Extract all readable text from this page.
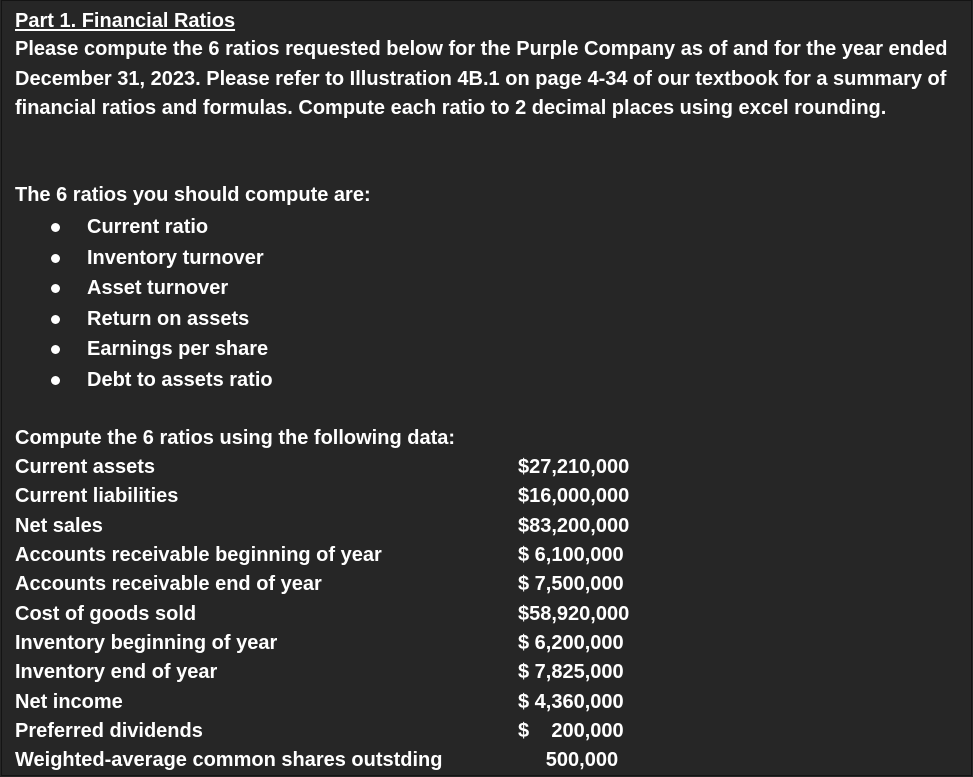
Part 1. Financial Ratios

Please compute the 6 ratios requested below for the Purple Company as of and for the year ended December 31, 2023. Please refer to Illustration 4B.1 on page 4-34 of our textbook for a summary of financial ratios and formulas. Compute each ratio to 2 decimal places using excel rounding.

The 6 ratios you should compute are:

Current ratio
Inventory turnover
Asset turnover
Return on assets
Earnings per share
Debt to assets ratio

Compute the 6 ratios using the following data:

Current assets	$27,210,000
Current liabilities	$16,000,000
Net sales	$83,200,000
Accounts receivable beginning of year	$ 6,100,000
Accounts receivable end of year	$ 7,500,000
Cost of goods sold	$58,920,000
Inventory beginning of year	$ 6,200,000
Inventory end of year	$ 7,825,000
Net income	$ 4,360,000
Preferred dividends	$    200,000
Weighted-average common shares outstding	500,000
